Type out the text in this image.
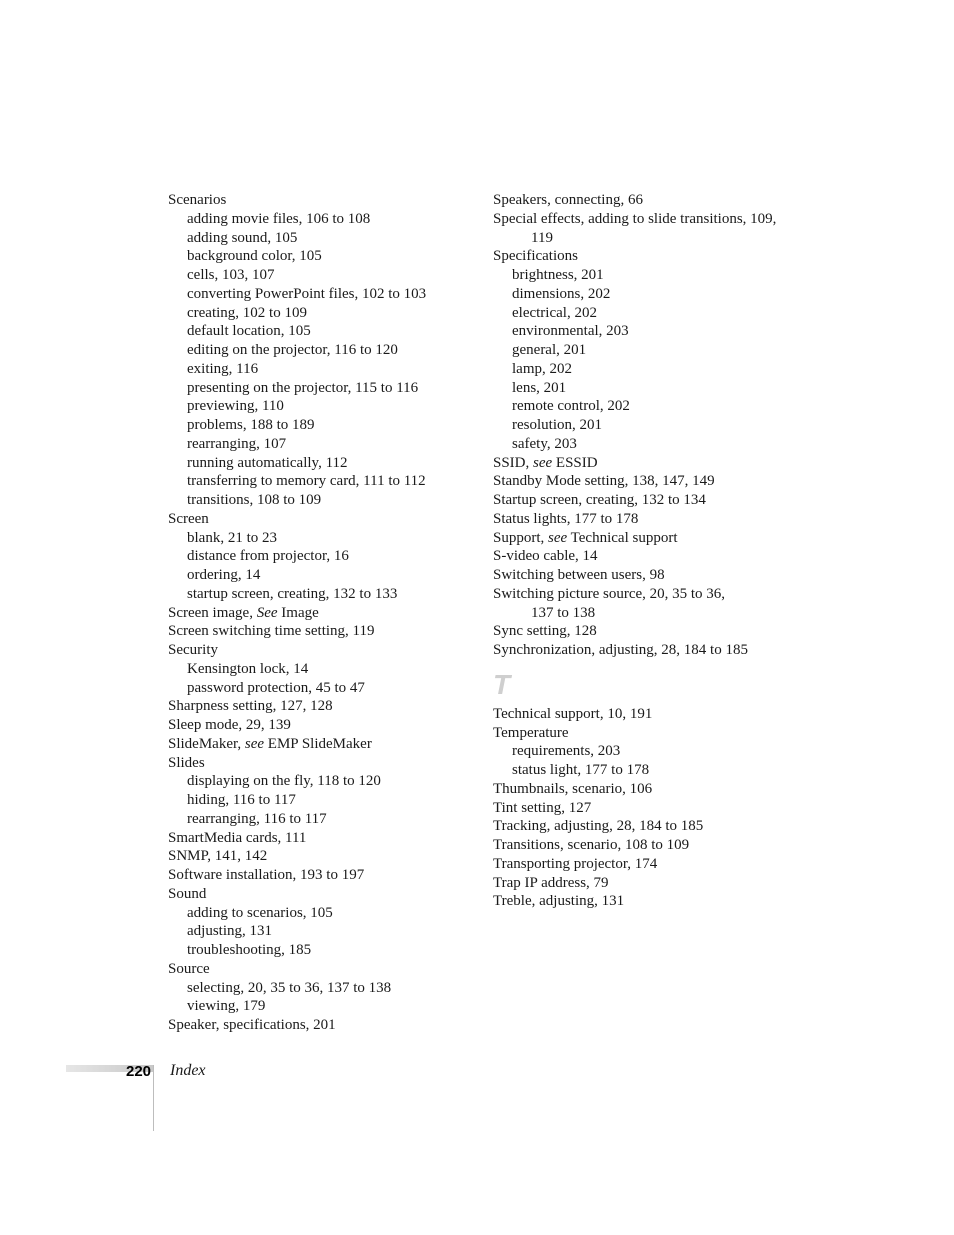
Scenarios
adding movie files, 106 to 108
adding sound, 105
background color, 105
cells, 103, 107
converting PowerPoint files, 102 to 103
creating, 102 to 109
default location, 105
editing on the projector, 116 to 120
exiting, 116
presenting on the projector, 115 to 116
previewing, 110
problems, 188 to 189
rearranging, 107
running automatically, 112
transferring to memory card, 111 to 112
transitions, 108 to 109
Screen
blank, 21 to 23
distance from projector, 16
ordering, 14
startup screen, creating, 132 to 133
Screen image, See Image
Screen switching time setting, 119
Security
Kensington lock, 14
password protection, 45 to 47
Sharpness setting, 127, 128
Sleep mode, 29, 139
SlideMaker, see EMP SlideMaker
Slides
displaying on the fly, 118 to 120
hiding, 116 to 117
rearranging, 116 to 117
SmartMedia cards, 111
SNMP, 141, 142
Software installation, 193 to 197
Sound
adding to scenarios, 105
adjusting, 131
troubleshooting, 185
Source
selecting, 20, 35 to 36, 137 to 138
viewing, 179
Speaker, specifications, 201
Speakers, connecting, 66
Special effects, adding to slide transitions, 109,
119
Specifications
brightness, 201
dimensions, 202
electrical, 202
environmental, 203
general, 201
lamp, 202
lens, 201
remote control, 202
resolution, 201
safety, 203
SSID, see ESSID
Standby Mode setting, 138, 147, 149
Startup screen, creating, 132 to 134
Status lights, 177 to 178
Support, see Technical support
S-video cable, 14
Switching between users, 98
Switching picture source, 20, 35 to 36,
137 to 138
Sync setting, 128
Synchronization, adjusting, 28, 184 to 185
T
Technical support, 10, 191
Temperature
requirements, 203
status light, 177 to 178
Thumbnails, scenario, 106
Tint setting, 127
Tracking, adjusting, 28, 184 to 185
Transitions, scenario, 108 to 109
Transporting projector, 174
Trap IP address, 79
Treble, adjusting, 131
220 Index
